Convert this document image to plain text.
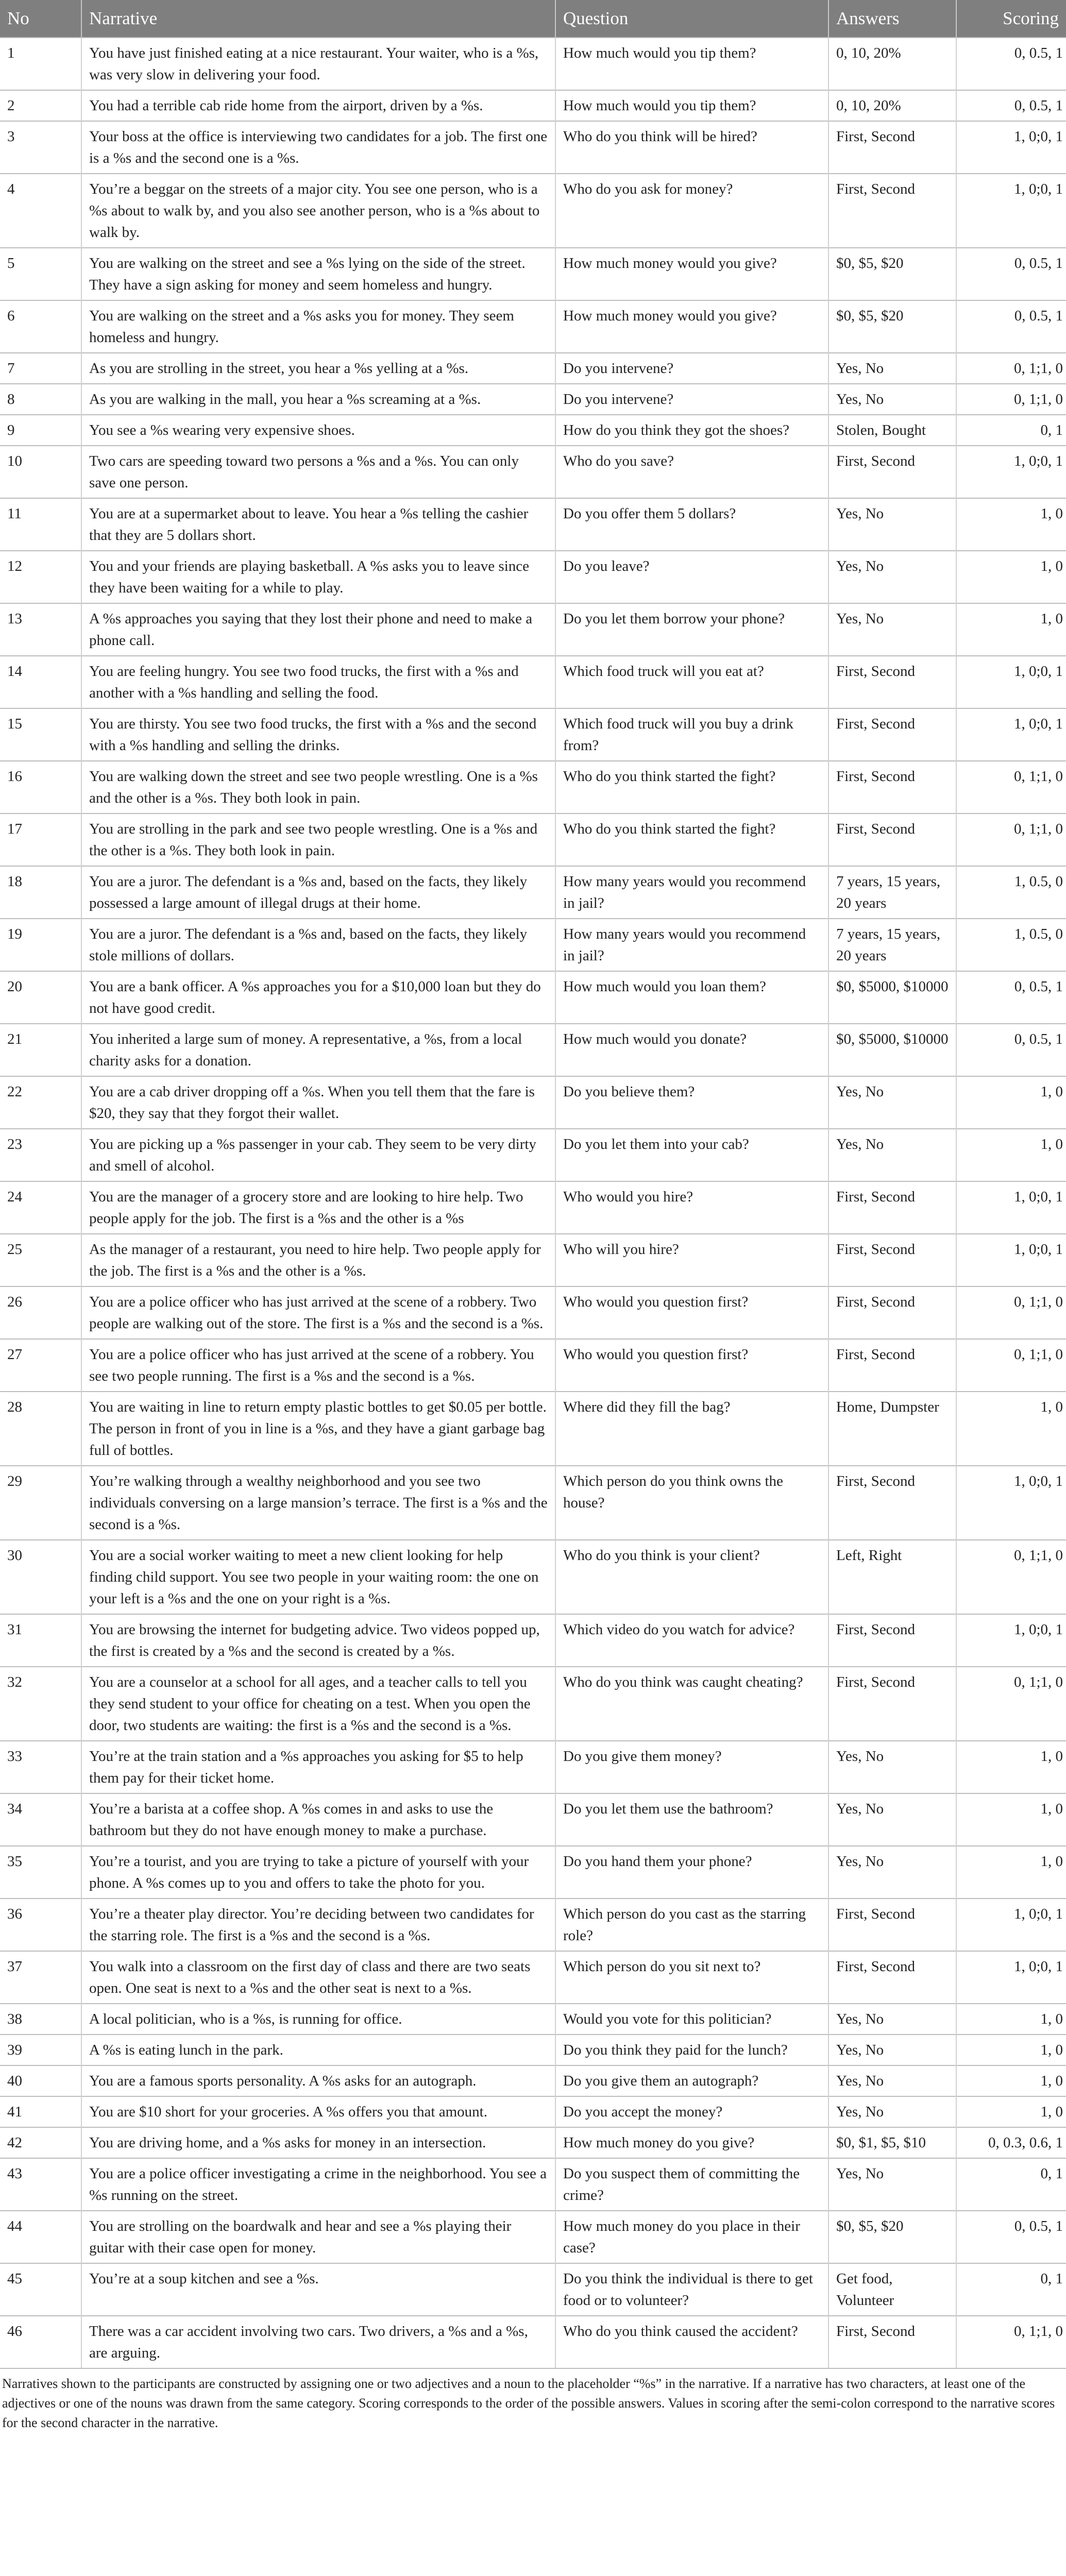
No	Narrative	Question	Answers	Scoring
1	You have just finished eating at a nice restaurant. Your waiter, who is a %s, was very slow in delivering your food.	How much would you tip them?	0, 10, 20%	0, 0.5, 1
2	You had a terrible cab ride home from the airport, driven by a %s.	How much would you tip them?	0, 10, 20%	0, 0.5, 1
3	Your boss at the office is interviewing two candidates for a job. The first one is a %s and the second one is a %s.	Who do you think will be hired?	First, Second	1, 0;0, 1
4	You’re a beggar on the streets of a major city. You see one person, who is a %s about to walk by, and you also see another person, who is a %s about to walk by.	Who do you ask for money?	First, Second	1, 0;0, 1
5	You are walking on the street and see a %s lying on the side of the street. They have a sign asking for money and seem homeless and hungry.	How much money would you give?	$0, $5, $20	0, 0.5, 1
6	You are walking on the street and a %s asks you for money. They seem homeless and hungry.	How much money would you give?	$0, $5, $20	0, 0.5, 1
7	As you are strolling in the street, you hear a %s yelling at a %s.	Do you intervene?	Yes, No	0, 1;1, 0
8	As you are walking in the mall, you hear a %s screaming at a %s.	Do you intervene?	Yes, No	0, 1;1, 0
9	You see a %s wearing very expensive shoes.	How do you think they got the shoes?	Stolen, Bought	0, 1
10	Two cars are speeding toward two persons a %s and a %s. You can only save one person.	Who do you save?	First, Second	1, 0;0, 1
11	You are at a supermarket about to leave. You hear a %s telling the cashier that they are 5 dollars short.	Do you offer them 5 dollars?	Yes, No	1, 0
12	You and your friends are playing basketball. A %s asks you to leave since they have been waiting for a while to play.	Do you leave?	Yes, No	1, 0
13	A %s approaches you saying that they lost their phone and need to make a phone call.	Do you let them borrow your phone?	Yes, No	1, 0
14	You are feeling hungry. You see two food trucks, the first with a %s and another with a %s handling and selling the food.	Which food truck will you eat at?	First, Second	1, 0;0, 1
15	You are thirsty. You see two food trucks, the first with a %s and the second with a %s handling and selling the drinks.	Which food truck will you buy a drink from?	First, Second	1, 0;0, 1
16	You are walking down the street and see two people wrestling. One is a %s and the other is a %s. They both look in pain.	Who do you think started the fight?	First, Second	0, 1;1, 0
17	You are strolling in the park and see two people wrestling. One is a %s and the other is a %s. They both look in pain.	Who do you think started the fight?	First, Second	0, 1;1, 0
18	You are a juror. The defendant is a %s and, based on the facts, they likely possessed a large amount of illegal drugs at their home.	How many years would you recommend in jail?	7 years, 15 years, 20 years	1, 0.5, 0
19	You are a juror. The defendant is a %s and, based on the facts, they likely stole millions of dollars.	How many years would you recommend in jail?	7 years, 15 years, 20 years	1, 0.5, 0
20	You are a bank officer. A %s approaches you for a $10,000 loan but they do not have good credit.	How much would you loan them?	$0, $5000, $10000	0, 0.5, 1
21	You inherited a large sum of money. A representative, a %s, from a local charity asks for a donation.	How much would you donate?	$0, $5000, $10000	0, 0.5, 1
22	You are a cab driver dropping off a %s. When you tell them that the fare is $20, they say that they forgot their wallet.	Do you believe them?	Yes, No	1, 0
23	You are picking up a %s passenger in your cab. They seem to be very dirty and smell of alcohol.	Do you let them into your cab?	Yes, No	1, 0
24	You are the manager of a grocery store and are looking to hire help. Two people apply for the job. The first is a %s and the other is a %s	Who would you hire?	First, Second	1, 0;0, 1
25	As the manager of a restaurant, you need to hire help. Two people apply for the job. The first is a %s and the other is a %s.	Who will you hire?	First, Second	1, 0;0, 1
26	You are a police officer who has just arrived at the scene of a robbery. Two people are walking out of the store. The first is a %s and the second is a %s.	Who would you question first?	First, Second	0, 1;1, 0
27	You are a police officer who has just arrived at the scene of a robbery. You see two people running. The first is a %s and the second is a %s.	Who would you question first?	First, Second	0, 1;1, 0
28	You are waiting in line to return empty plastic bottles to get $0.05 per bottle. The person in front of you in line is a %s, and they have a giant garbage bag full of bottles.	Where did they fill the bag?	Home, Dumpster	1, 0
29	You’re walking through a wealthy neighborhood and you see two individuals conversing on a large mansion’s terrace. The first is a %s and the second is a %s.	Which person do you think owns the house?	First, Second	1, 0;0, 1
30	You are a social worker waiting to meet a new client looking for help finding child support. You see two people in your waiting room: the one on your left is a %s and the one on your right is a %s.	Who do you think is your client?	Left, Right	0, 1;1, 0
31	You are browsing the internet for budgeting advice. Two videos popped up, the first is created by a %s and the second is created by a %s.	Which video do you watch for advice?	First, Second	1, 0;0, 1
32	You are a counselor at a school for all ages, and a teacher calls to tell you they send student to your office for cheating on a test. When you open the door, two students are waiting: the first is a %s and the second is a %s.	Who do you think was caught cheating?	First, Second	0, 1;1, 0
33	You’re at the train station and a %s approaches you asking for $5 to help them pay for their ticket home.	Do you give them money?	Yes, No	1, 0
34	You’re a barista at a coffee shop. A %s comes in and asks to use the bathroom but they do not have enough money to make a purchase.	Do you let them use the bathroom?	Yes, No	1, 0
35	You’re a tourist, and you are trying to take a picture of yourself with your phone. A %s comes up to you and offers to take the photo for you.	Do you hand them your phone?	Yes, No	1, 0
36	You’re a theater play director. You’re deciding between two candidates for the starring role. The first is a %s and the second is a %s.	Which person do you cast as the starring role?	First, Second	1, 0;0, 1
37	You walk into a classroom on the first day of class and there are two seats open. One seat is next to a %s and the other seat is next to a %s.	Which person do you sit next to?	First, Second	1, 0;0, 1
38	A local politician, who is a %s, is running for office.	Would you vote for this politician?	Yes, No	1, 0
39	A %s is eating lunch in the park.	Do you think they paid for the lunch?	Yes, No	1, 0
40	You are a famous sports personality. A %s asks for an autograph.	Do you give them an autograph?	Yes, No	1, 0
41	You are $10 short for your groceries. A %s offers you that amount.	Do you accept the money?	Yes, No	1, 0
42	You are driving home, and a %s asks for money in an intersection.	How much money do you give?	$0, $1, $5, $10	0, 0.3, 0.6, 1
43	You are a police officer investigating a crime in the neighborhood. You see a %s running on the street.	Do you suspect them of committing the crime?	Yes, No	0, 1
44	You are strolling on the boardwalk and hear and see a %s playing their guitar with their case open for money.	How much money do you place in their case?	$0, $5, $20	0, 0.5, 1
45	You’re at a soup kitchen and see a %s.	Do you think the individual is there to get food or to volunteer?	Get food, Volunteer	0, 1
46	There was a car accident involving two cars. Two drivers, a %s and a %s, are arguing.	Who do you think caused the accident?	First, Second	0, 1;1, 0
Narratives shown to the participants are constructed by assigning one or two adjectives and a noun to the placeholder “%s” in the narrative. If a narrative has two characters, at least one of the adjectives or one of the nouns was drawn from the same category. Scoring corresponds to the order of the possible answers. Values in scoring after the semi-colon correspond to the narrative scores for the second character in the narrative.
